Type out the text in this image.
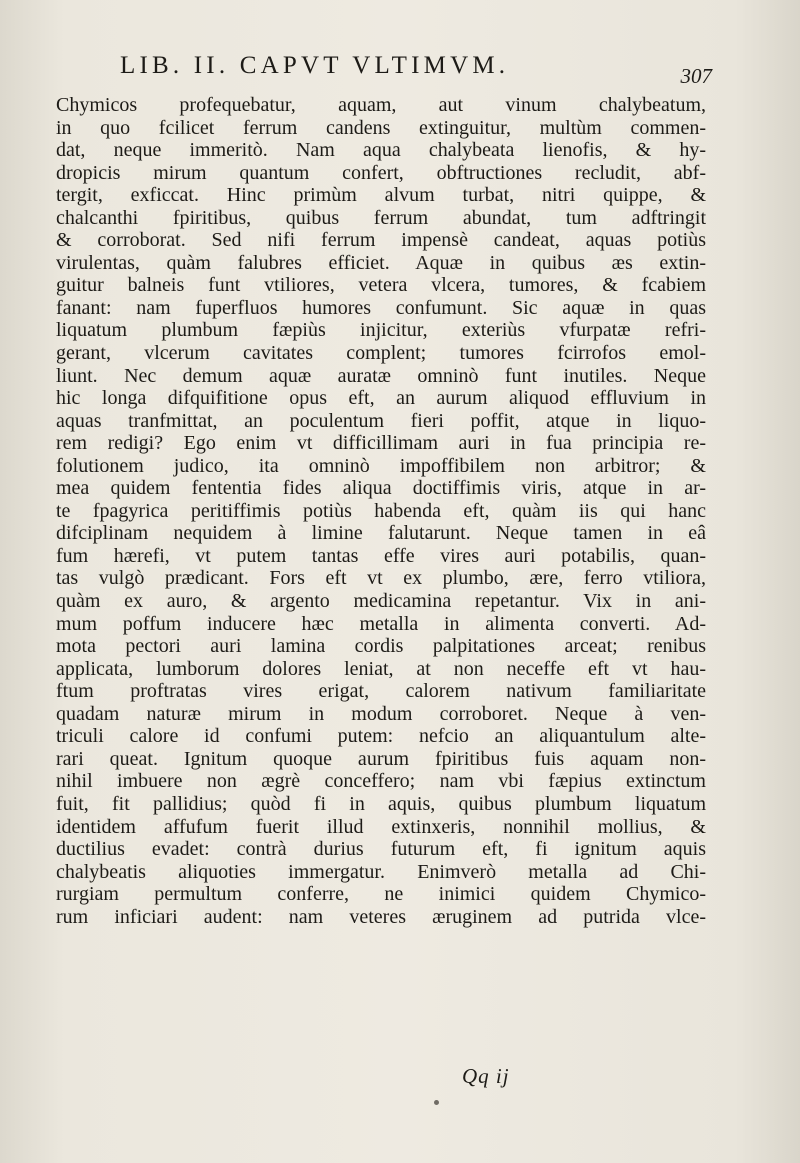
LIB. II. CAPVT VLTIMVM.	307
Chymicos profequebatur, aquam, aut vinum chalybeatum,
in quo fcilicet ferrum candens extinguitur, multùm commen-
dat, neque immeritò. Nam aqua chalybeata lienofis, & hy-
dropicis mirum quantum confert, obftructiones recludit, abf-
tergit, exficcat. Hinc primùm alvum turbat, nitri quippe, &
chalcanthi fpiritibus, quibus ferrum abundat, tum adftringit
& corroborat. Sed nifi ferrum impensè candeat, aquas potiùs
virulentas, quàm falubres efficiet. Aquæ in quibus æs extin-
guitur balneis funt vtiliores, vetera vlcera, tumores, & fcabiem
fanant: nam fuperfluos humores confumunt. Sic aquæ in quas
liquatum plumbum fæpiùs injicitur, exteriùs vfurpatæ refri-
gerant, vlcerum cavitates complent; tumores fcirrofos emol-
liunt. Nec demum aquæ auratæ omninò funt inutiles. Neque
hic longa difquifitione opus eft, an aurum aliquod effluvium in
aquas tranfmittat, an poculentum fieri poffit, atque in liquo-
rem redigi? Ego enim vt difficillimam auri in fua principia re-
folutionem judico, ita omninò impoffibilem non arbitror; &
mea quidem fententia fides aliqua doctiffimis viris, atque in ar-
te fpagyrica peritiffimis potiùs habenda eft, quàm iis qui hanc
difciplinam nequidem à limine falutarunt. Neque tamen in eâ
fum hærefi, vt putem tantas effe vires auri potabilis, quan-
tas vulgò prædicant. Fors eft vt ex plumbo, ære, ferro vtiliora,
quàm ex auro, & argento medicamina repetantur. Vix in ani-
mum poffum inducere hæc metalla in alimenta converti. Ad-
mota pectori auri lamina cordis palpitationes arceat; renibus
applicata, lumborum dolores leniat, at non neceffe eft vt hau-
ftum proftratas vires erigat, calorem nativum familiaritate
quadam naturæ mirum in modum corroboret. Neque à ven-
triculi calore id confumi putem: nefcio an aliquantulum alte-
rari queat. Ignitum quoque aurum fpiritibus fuis aquam non-
nihil imbuere non ægrè conceffero; nam vbi fæpius extinctum
fuit, fit pallidius; quòd fi in aquis, quibus plumbum liquatum
identidem affufum fuerit illud extinxeris, nonnihil mollius, &
ductilius evadet: contrà durius futurum eft, fi ignitum aquis
chalybeatis aliquoties immergatur. Enimverò metalla ad Chi-
rurgiam permultum conferre, ne inimici quidem Chymico-
rum inficiari audent: nam veteres æruginem ad putrida vlce-
Qq ij
